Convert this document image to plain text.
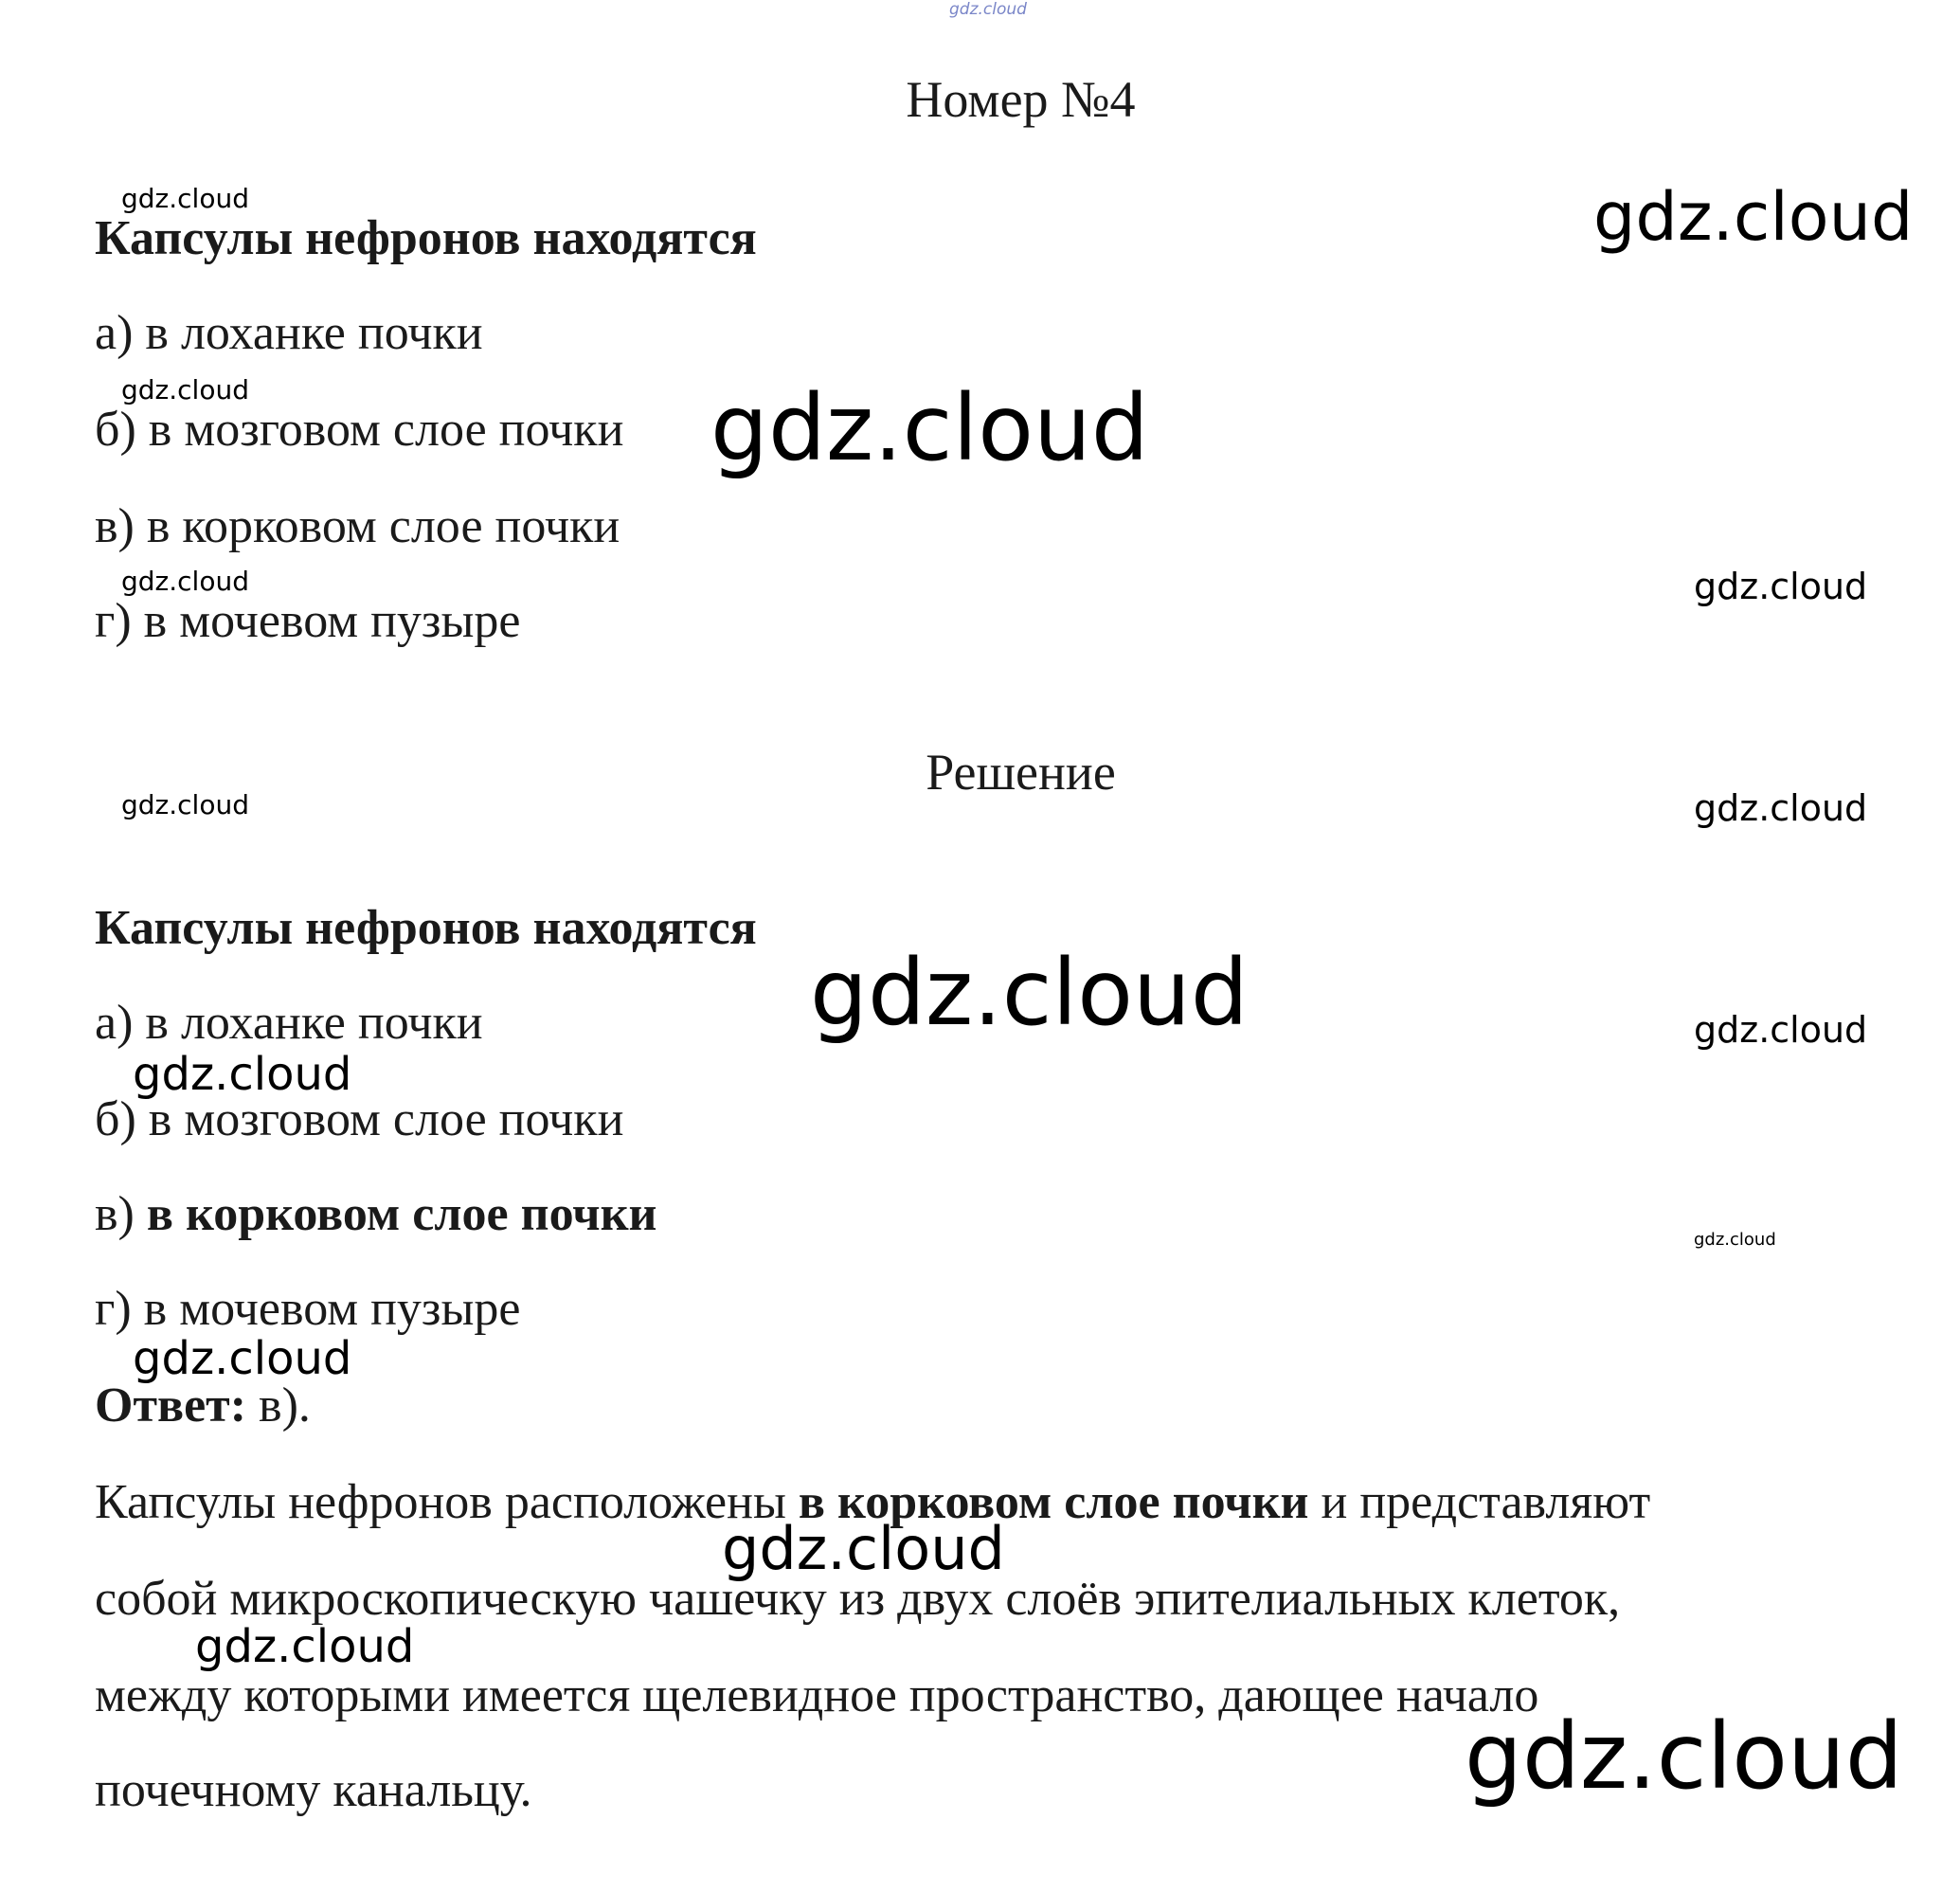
gdz.cloud
Номер №4
gdz.cloud	gdz.cloud
Капсулы нефронов находятся
а) в лоханке почки
gdz.cloud
б) в мозговом слое почки gdz.cloud
в) в корковом слое почки
gdz.cloud	gdz.cloud
г) в мочевом пузыре
Решение
gdz.cloud	gdz.cloud
Капсулы нефронов находятся
gdz.cloud
а) в лоханке почки	gdz.cloud
gdz.cloud
б) в мозговом слое почки
в) в корковом слое почки	gdz.cloud
г) в мочевом пузыре
gdz.cloud
Ответ: в).
Капсулы нефронов расположены в корковом слое почки и представляют
gdz.cloud
собой микроскопическую чашечку из двух слоёв эпителиальных клеток,
gdz.cloud
между которыми имеется щелевидное пространство, дающее начало
gdz.cloud
почечному канальцу.
